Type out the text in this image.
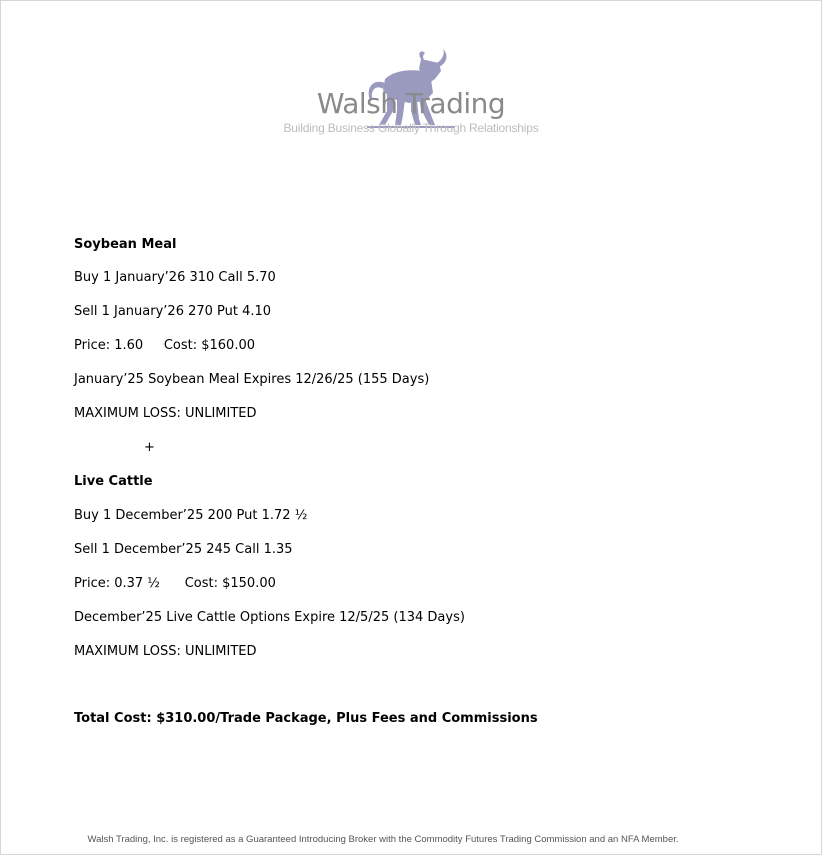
Walsh Trading
Building Business Globally Through Relationships
Soybean Meal
Buy 1 January’26 310 Call 5.70
Sell 1 January’26 270 Put 4.10
Price: 1.60     Cost: $160.00
January’25 Soybean Meal Expires 12/26/25 (155 Days)
MAXIMUM LOSS: UNLIMITED
+
Live Cattle
Buy 1 December’25 200 Put 1.72 ½
Sell 1 December’25 245 Call 1.35
Price: 0.37 ½      Cost: $150.00
December’25 Live Cattle Options Expire 12/5/25 (134 Days)
MAXIMUM LOSS: UNLIMITED
Total Cost: $310.00/Trade Package, Plus Fees and Commissions
Walsh Trading, Inc. is registered as a Guaranteed Introducing Broker with the Commodity Futures Trading Commission and an NFA Member.
